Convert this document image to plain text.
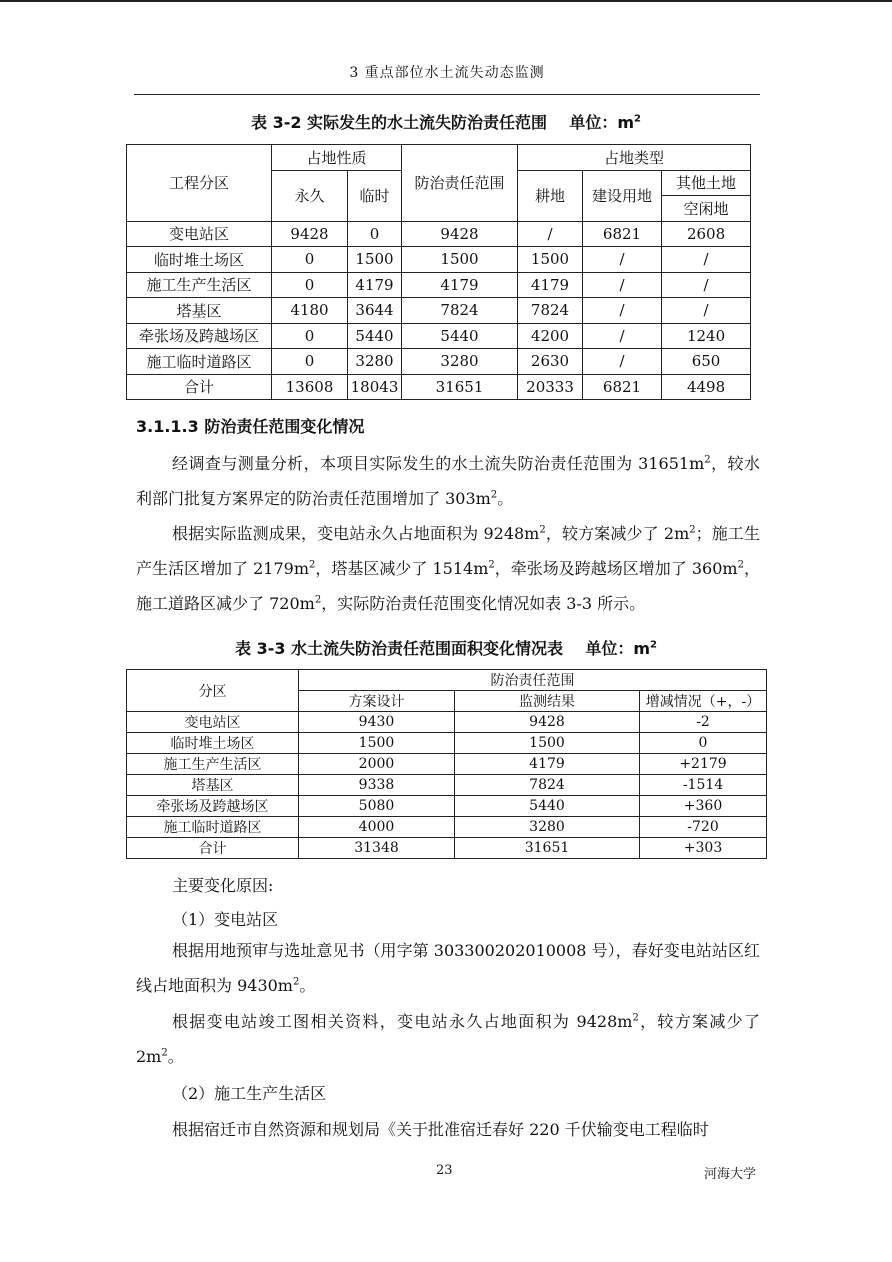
3 重点部位水土流失动态监测
表 3-2 实际发生的水土流失防治责任范围 单位：$m^2$
工程分区	占地性质		防治责任范围	占地类型		
	永久	临时		耕地	建设用地	其他土地
						空闲地
变电站区	9428	0	9428	/	6821	2608
临时堆土场区	0	1500	1500	1500	/	/
施工生产生活区	0	4179	4179	4179	/	/
塔基区	4180	3644	7824	7824	/	/
牵张场及跨越场区	0	5440	5440	4200	/	1240
施工临时道路区	0	3280	3280	2630	/	650
合计	13608	18043	31651	20333	6821	4498
3.1.1.3 防治责任范围变化情况

经调查与测量分析，本项目实际发生的水土流失防治责任范围为 $31651m^2$，较水利部门批复方案界定的防治责任范围增加了 $303m^2$。

根据实际监测成果，变电站永久占地面积为 $9248m^2$，较方案减少了 $2m^2$；施工生产生活区增加了 $2179m^2$，塔基区减少了 $1514m^2$，牵张场及跨越场区增加了 $360m^2$，施工道路区减少了 $720m^2$，实际防治责任范围变化情况如表 3-3 所示。

表 3-3 水土流失防治责任范围面积变化情况表 单位：$m^2$
分区	防治责任范围		
	方案设计	监测结果	增减情况（+，-）
变电站区	9430	9428	-2
临时堆土场区	1500	1500	0
施工生产生活区	2000	4179	+2179
塔基区	9338	7824	-1514
牵张场及跨越场区	5080	5440	+360
施工临时道路区	4000	3280	-720
合计	31348	31651	+303
主要变化原因:
（1）变电站区

根据用地预审与选址意见书（用字第 303300202010008 号），春好变电站站区红线占地面积为 $9430m^2$。

根据变电站竣工图相关资料，变电站永久占地面积为 $9428m^2$，较方案减少了 $2m^2$。

（2）施工生产生活区
根据宿迁市自然资源和规划局《关于批准宿迁春好 220 千伏输变电工程临时
23	河海大学
